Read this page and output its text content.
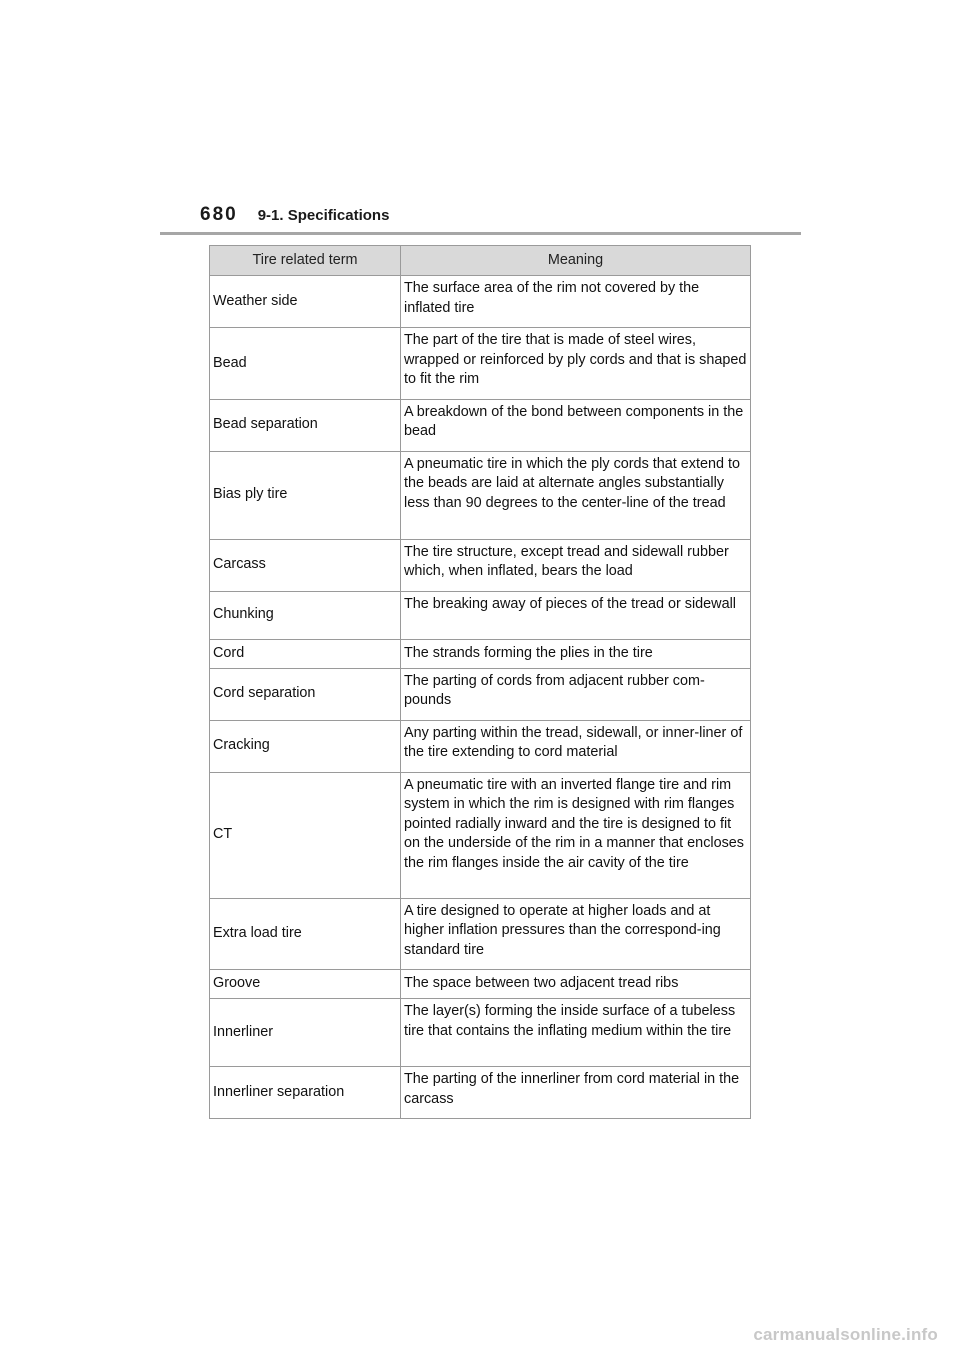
680 9-1. Specifications
Tire related term	Meaning
Weather side	The surface area of the rim not covered by the inflated tire
Bead	The part of the tire that is made of steel wires, wrapped or reinforced by ply cords and that is shaped to fit the rim
Bead separation	A breakdown of the bond between components in the bead
Bias ply tire	A pneumatic tire in which the ply cords that extend to the beads are laid at alternate angles substantially less than 90 degrees to the center-line of the tread
Carcass	The tire structure, except tread and sidewall rubber which, when inflated, bears the load
Chunking	The breaking away of pieces of the tread or sidewall
Cord	The strands forming the plies in the tire
Cord separation	The parting of cords from adjacent rubber com-pounds
Cracking	Any parting within the tread, sidewall, or inner-liner of the tire extending to cord material
CT	A pneumatic tire with an inverted flange tire and rim system in which the rim is designed with rim flanges pointed radially inward and the tire is designed to fit on the underside of the rim in a manner that encloses the rim flanges inside the air cavity of the tire
Extra load tire	A tire designed to operate at higher loads and at higher inflation pressures than the correspond-ing standard tire
Groove	The space between two adjacent tread ribs
Innerliner	The layer(s) forming the inside surface of a tubeless tire that contains the inflating medium within the tire
Innerliner separation	The parting of the innerliner from cord material in the carcass
carmanualsonline.info
